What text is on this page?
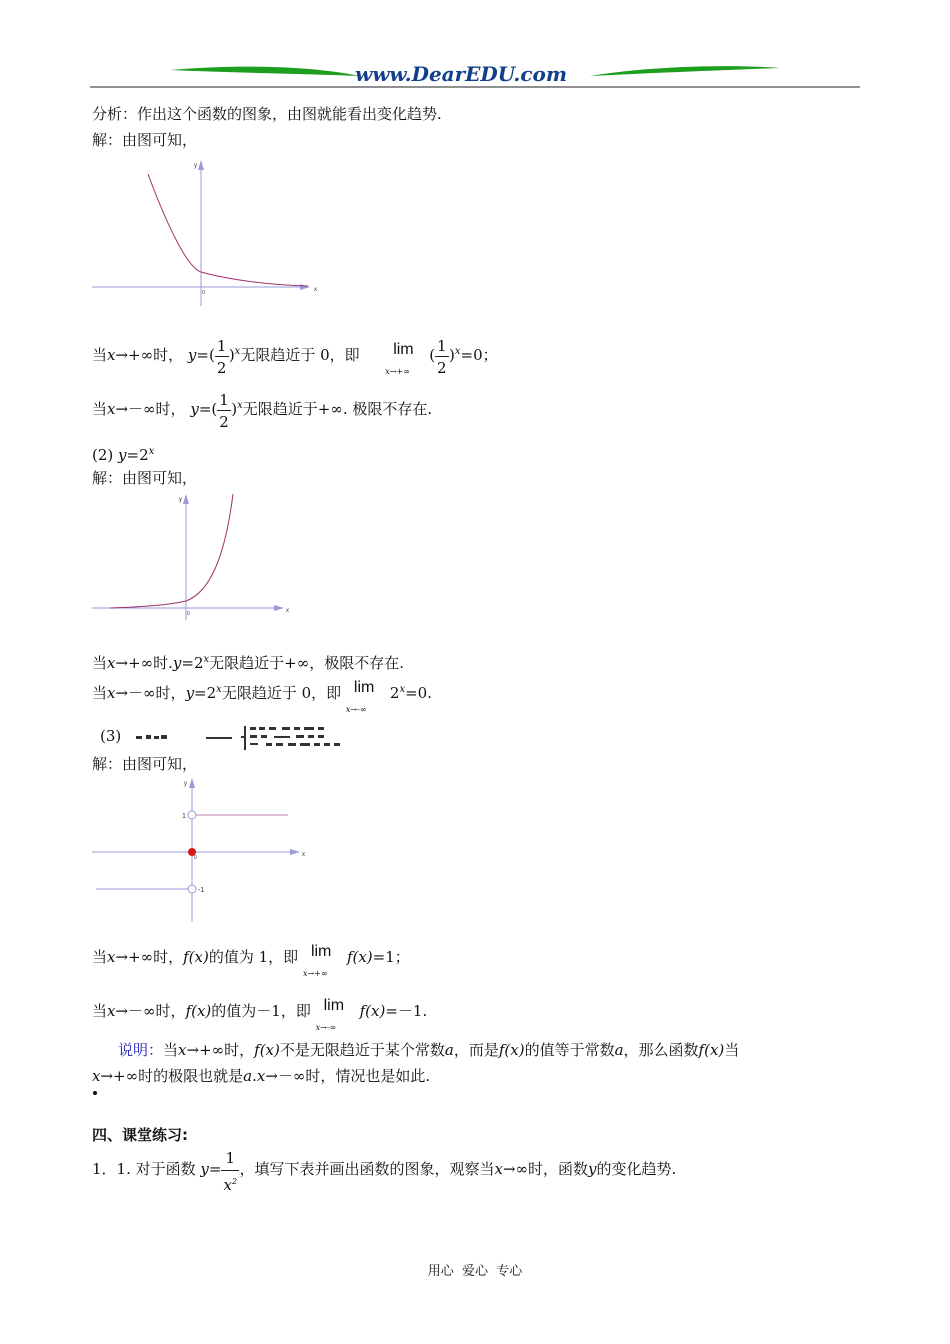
www.DearEDU.com
分析：作出这个函数的图象，由图就能看出变化趋势.
解：由图可知，
y
x
0
当x→+∞时， $y=( \frac{1}{2} )^x$无限趋近于 0，即 lim
x→+∞
( $\frac{1}{2} )^x=0$；
当x→－∞时， $y=( \frac{1}{2} )^x$无限趋近于+∞. 极限不存在.
(2) $y=2^x$
解：由图可知，
y
x
0
当x→+∞时$.y=2^x$无限趋近于+∞，极限不存在.
当x→－∞时，$y=2^x$无限趋近于 0，即 lim
x→-∞
$2^x=0$.
(3)
解：由图可知，
y
x
0
1
-1
当x→+∞时，f(x)的值为 1，即 lim
x→+∞
f(x)=1；
当x→－∞时，f(x)的值为－1，即 lim
x→-∞
f(x)=－1.
说明：当x→+∞时，f(x)不是无限趋近于某个常数a，而是f(x)的值等于常数a，那么函数f(x)当
x→+∞时的极限也就是a.x→－∞时，情况也是如此.
四、课堂练习:
1．1. 对于函数 $y= \frac{1}{x^2}$ ，填写下表并画出函数的图象，观察当x→∞时，函数y的变化趋势.
用心  爱心  专心
